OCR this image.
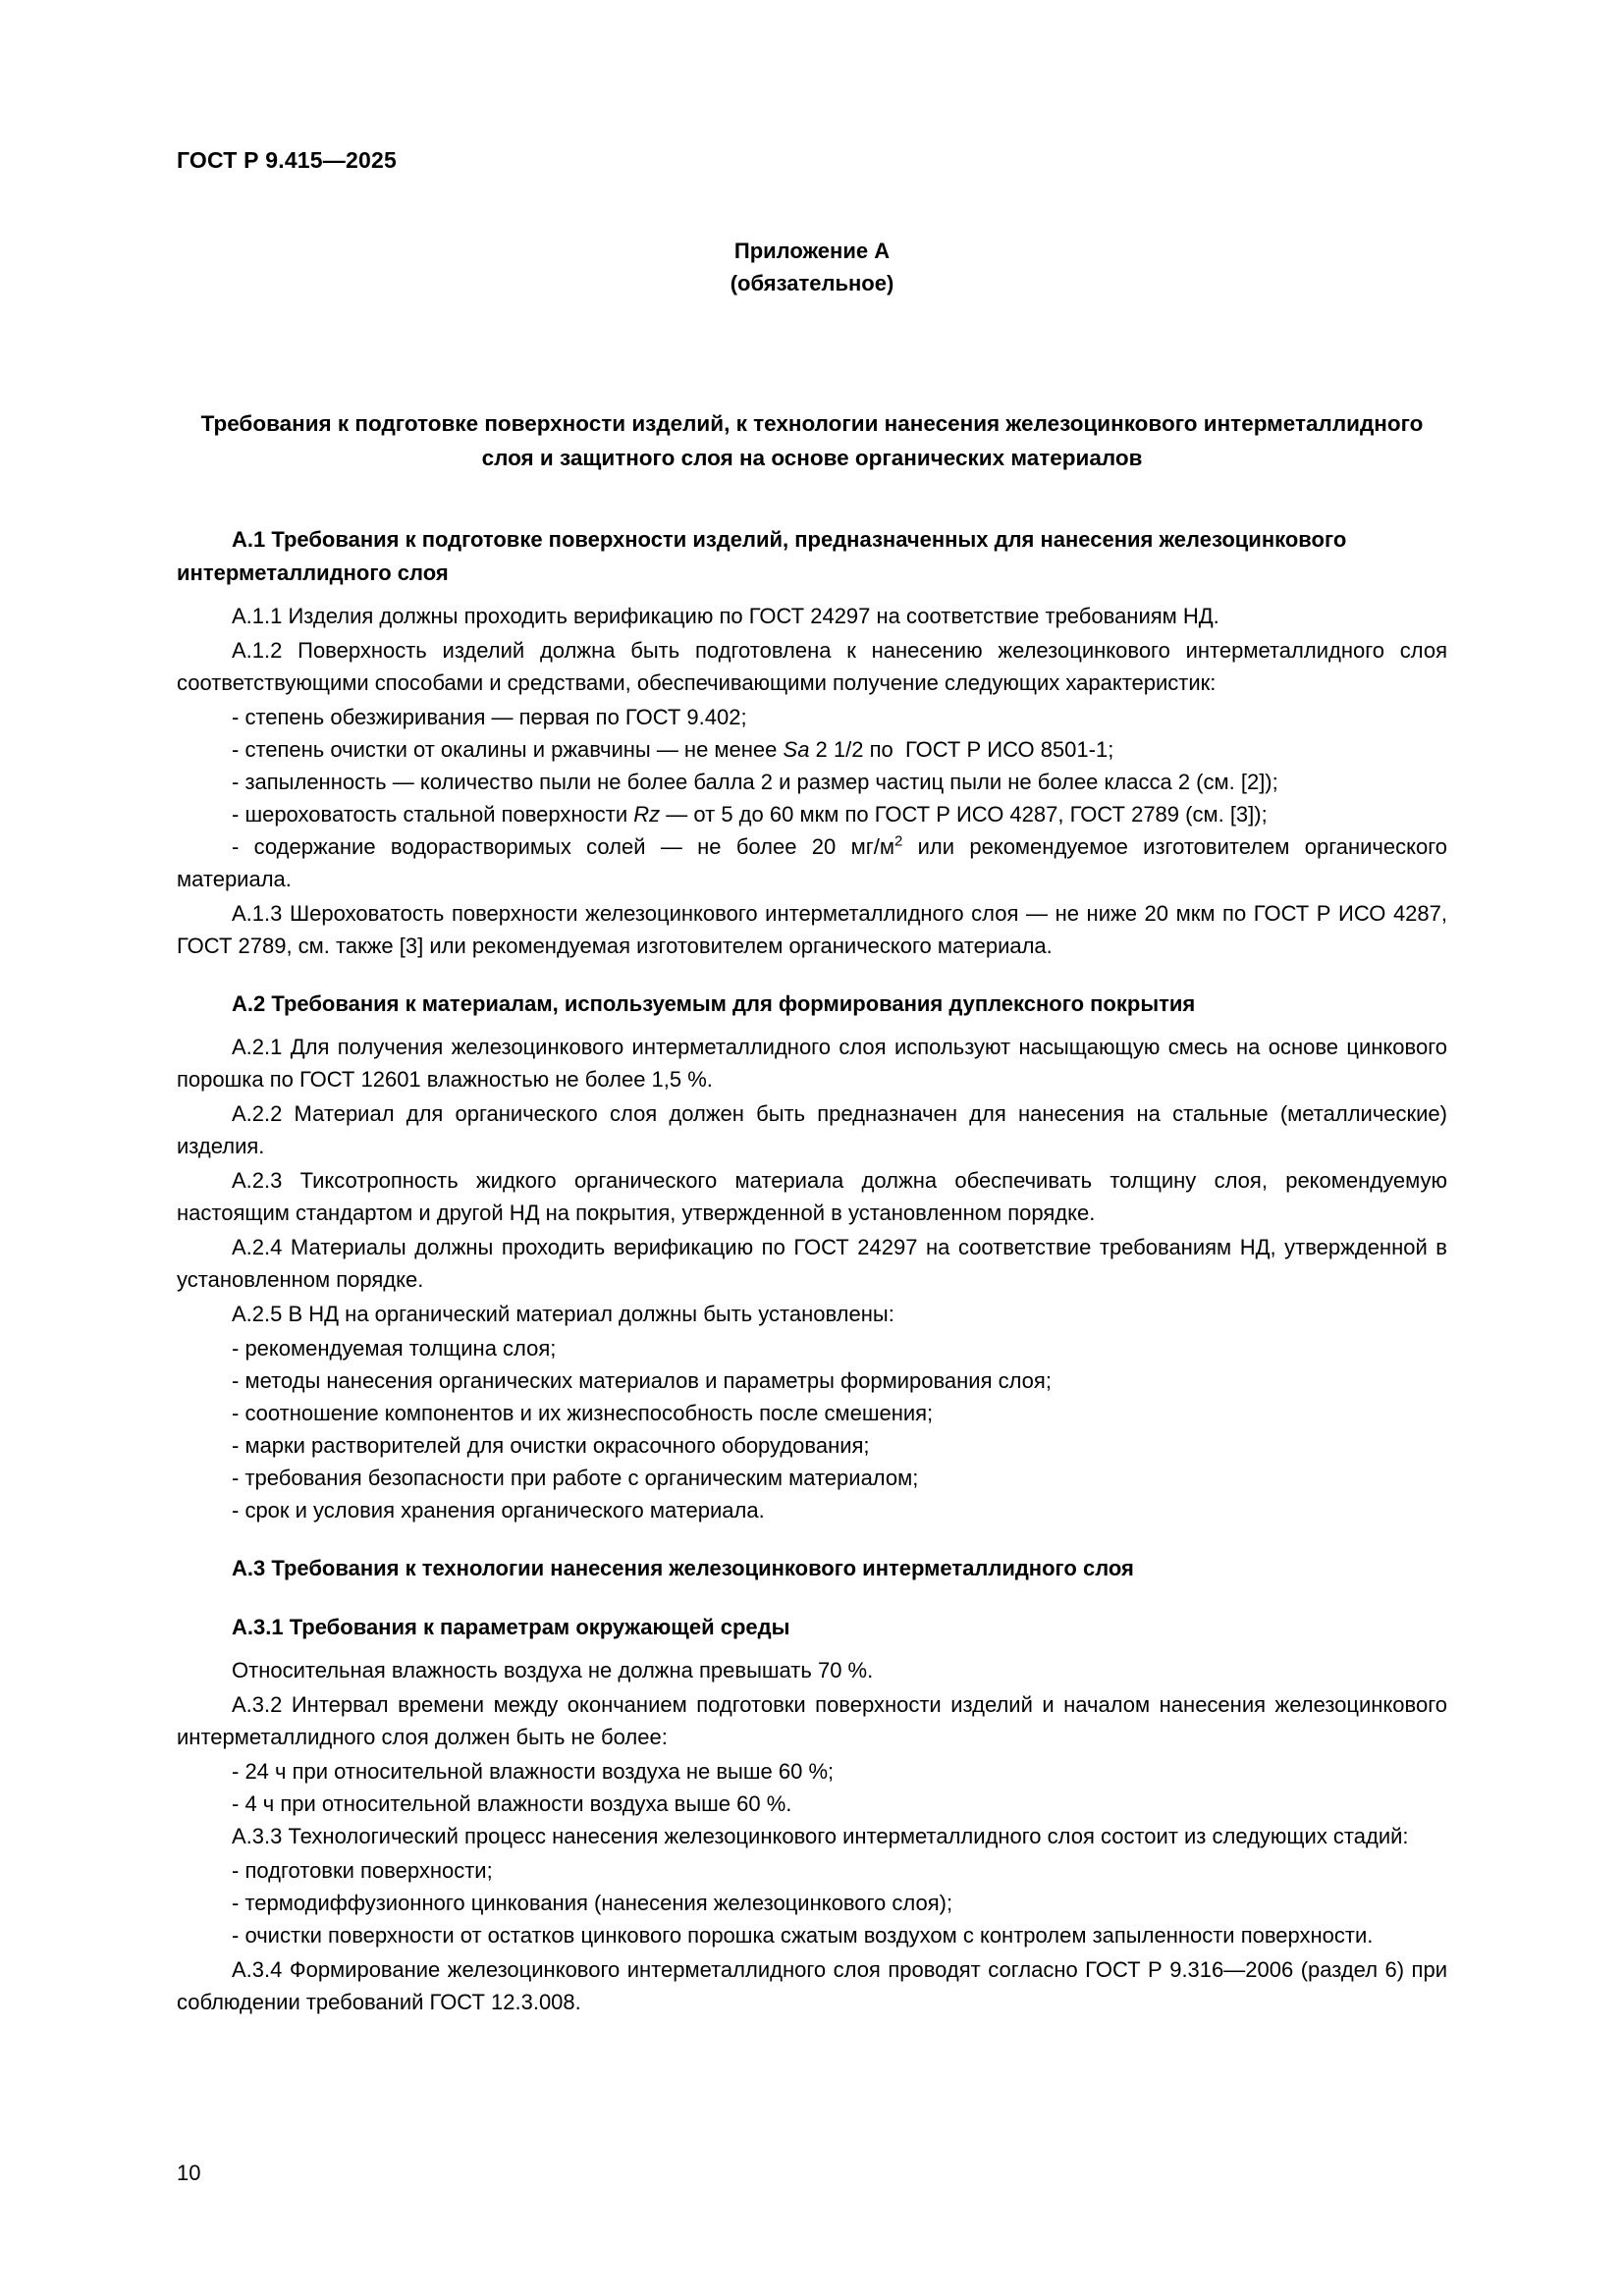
ГОСТ Р 9.415—2025
Приложение А
(обязательное)
Требования к подготовке поверхности изделий, к технологии нанесения железоцинкового интерметаллидного слоя и защитного слоя на основе органических материалов
А.1 Требования к подготовке поверхности изделий, предназначенных для нанесения железоцинкового интерметаллидного слоя

А.1.1 Изделия должны проходить верификацию по ГОСТ 24297 на соответствие требованиям НД.

А.1.2 Поверхность изделий должна быть подготовлена к нанесению железоцинкового интерметаллидного слоя соответствующими способами и средствами, обеспечивающими получение следующих характеристик:

- степень обезжиривания — первая по ГОСТ 9.402;

- степень очистки от окалины и ржавчины — не менее Sa 2 1/2 по  ГОСТ Р ИСО 8501-1;

- запыленность — количество пыли не более балла 2 и размер частиц пыли не более класса 2 (см. [2]);

- шероховатость стальной поверхности Rz — от 5 до 60 мкм по ГОСТ Р ИСО 4287, ГОСТ 2789 (см. [3]);

- содержание водорастворимых солей — не более 20 $мг/м^2$ или рекомендуемое изготовителем органического материала.

А.1.3 Шероховатость поверхности железоцинкового интерметаллидного слоя — не ниже 20 мкм по ГОСТ Р ИСО 4287, ГОСТ 2789, см. также [3] или рекомендуемая изготовителем органического материала.

А.2 Требования к материалам, используемым для формирования дуплексного покрытия

А.2.1 Для получения железоцинкового интерметаллидного слоя используют насыщающую смесь на основе цинкового порошка по ГОСТ 12601 влажностью не более 1,5 %.

А.2.2 Материал для органического слоя должен быть предназначен для нанесения на стальные (металлические) изделия.

А.2.3 Тиксотропность жидкого органического материала должна обеспечивать толщину слоя, рекомендуемую настоящим стандартом и другой НД на покрытия, утвержденной в установленном порядке.

А.2.4 Материалы должны проходить верификацию по ГОСТ 24297 на соответствие требованиям НД, утвержденной в установленном порядке.

А.2.5 В НД на органический материал должны быть установлены:

- рекомендуемая толщина слоя;

- методы нанесения органических материалов и параметры формирования слоя;

- соотношение компонентов и их жизнеспособность после смешения;

- марки растворителей для очистки окрасочного оборудования;

- требования безопасности при работе с органическим материалом;

- срок и условия хранения органического материала.

А.3 Требования к технологии нанесения железоцинкового интерметаллидного слоя
А.3.1 Требования к параметрам окружающей среды

Относительная влажность воздуха не должна превышать 70 %.

А.3.2 Интервал времени между окончанием подготовки поверхности изделий и началом нанесения железоцинкового интерметаллидного слоя должен быть не более:

- 24 ч при относительной влажности воздуха не выше 60 %;

- 4 ч при относительной влажности воздуха выше 60 %.

А.3.3 Технологический процесс нанесения железоцинкового интерметаллидного слоя состоит из следующих стадий:

- подготовки поверхности;

- термодиффузионного цинкования (нанесения железоцинкового слоя);

- очистки поверхности от остатков цинкового порошка сжатым воздухом с контролем запыленности поверхности.

А.3.4 Формирование железоцинкового интерметаллидного слоя проводят согласно ГОСТ Р 9.316—2006 (раздел 6) при соблюдении требований ГОСТ 12.3.008.

10
